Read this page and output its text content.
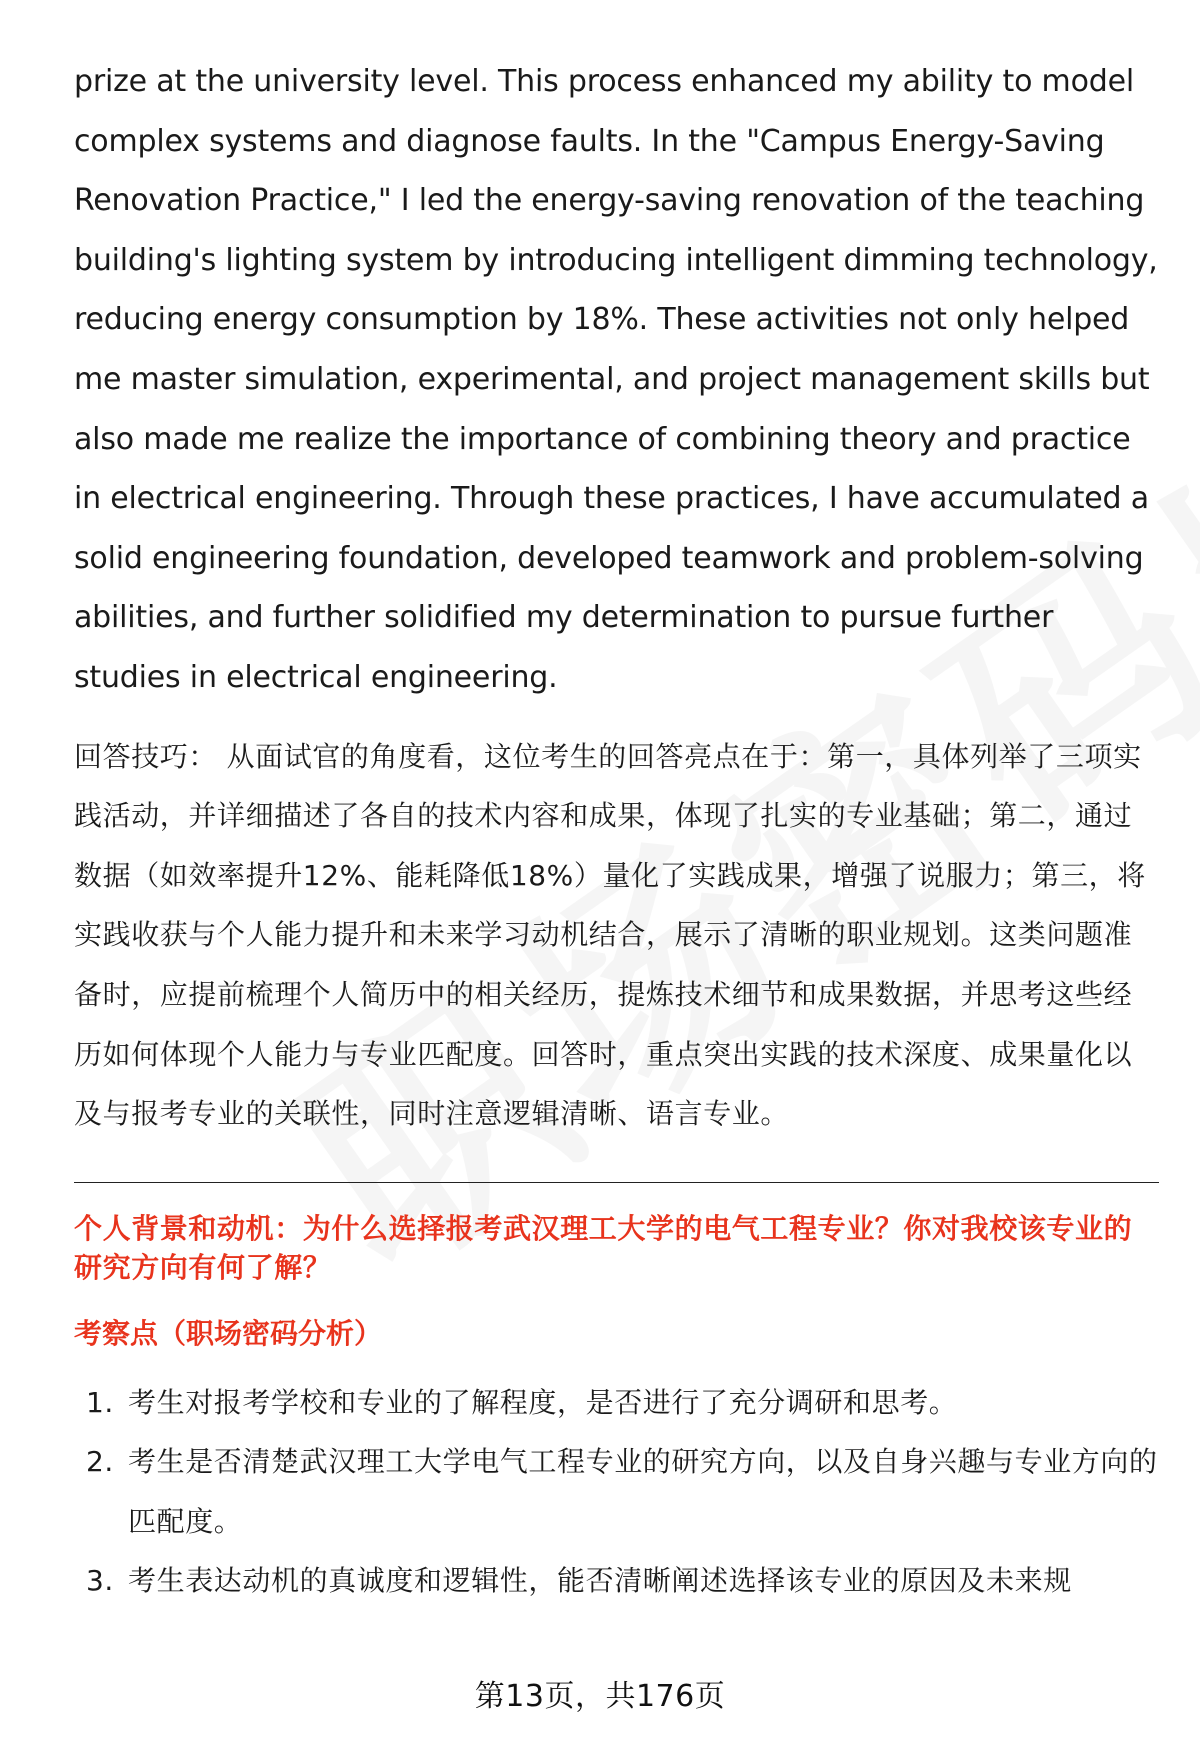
prize at the university level. This process enhanced my ability to model complex systems and diagnose faults. In the "Campus Energy-Saving Renovation Practice," I led the energy-saving renovation of the teaching building's lighting system by introducing intelligent dimming technology, reducing energy consumption by 18%. These activities not only helped me master simulation, experimental, and project management skills but also made me realize the importance of combining theory and practice in electrical engineering. Through these practices, I have accumulated a solid engineering foundation, developed teamwork and problem-solving abilities, and further solidified my determination to pursue further studies in electrical engineering.

回答技巧： 从面试官的角度看，这位考生的回答亮点在于：第一，具体列举了三项实践活动，并详细描述了各自的技术内容和成果，体现了扎实的专业基础；第二，通过数据（如效率提升12%、能耗降低18%）量化了实践成果，增强了说服力；第三，将实践收获与个人能力提升和未来学习动机结合，展示了清晰的职业规划。这类问题准备时，应提前梳理个人简历中的相关经历，提炼技术细节和成果数据，并思考这些经历如何体现个人能力与专业匹配度。回答时，重点突出实践的技术深度、成果量化以及与报考专业的关联性，同时注意逻辑清晰、语言专业。

个人背景和动机：为什么选择报考武汉理工大学的电气工程专业？你对我校该专业的研究方向有何了解？
考察点（职场密码分析）
1. 考生对报考学校和专业的了解程度，是否进行了充分调研和思考。
2. 考生是否清楚武汉理工大学电气工程专业的研究方向，以及自身兴趣与专业方向的匹配度。
3. 考生表达动机的真诚度和逻辑性，能否清晰阐述选择该专业的原因及未来规
第13页，共176页
